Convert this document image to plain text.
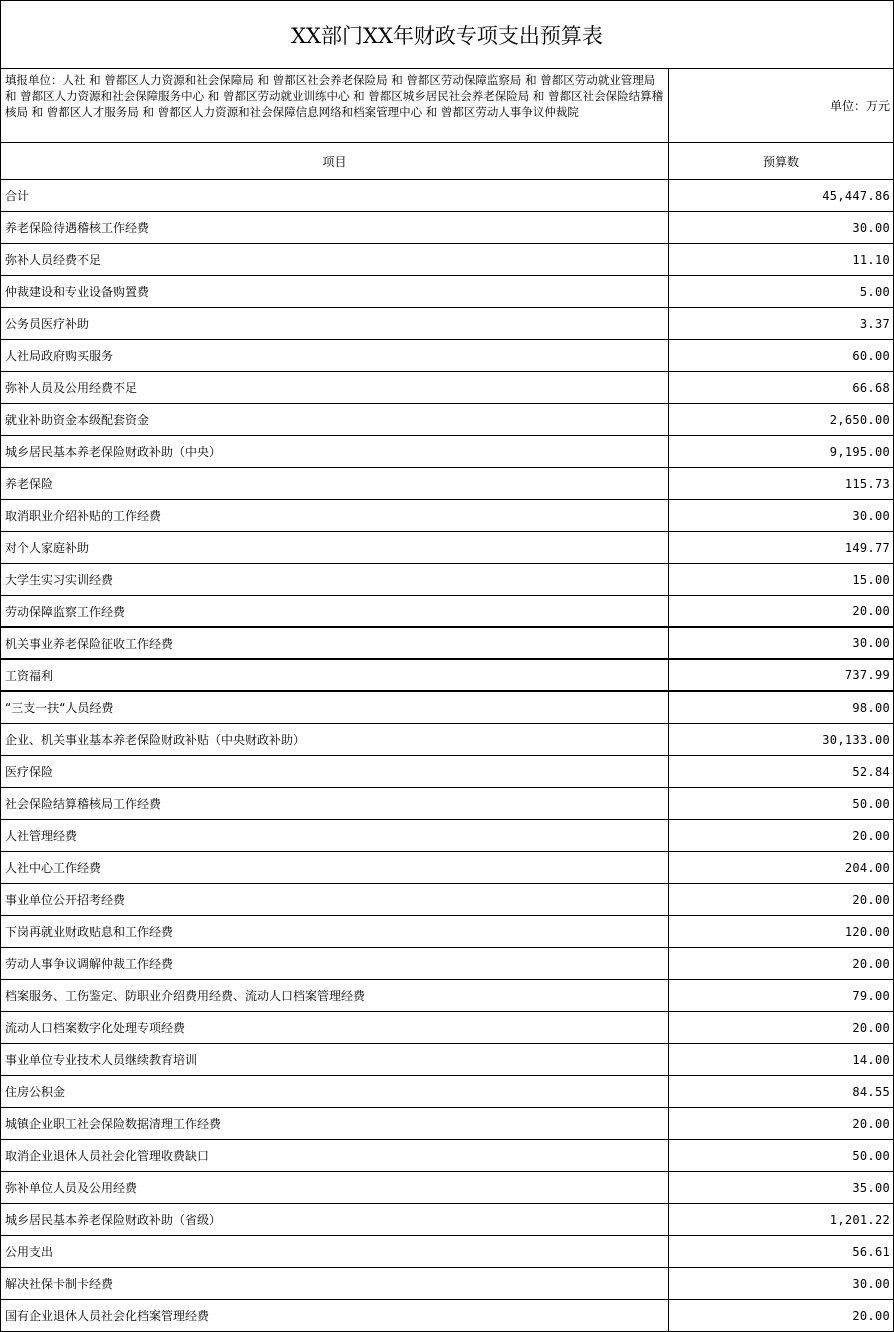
XX部门XX年财政专项支出预算表
填报单位：人社 和 曾都区人力资源和社会保障局 和 曾都区社会养老保险局 和 曾都区劳动保障监察局 和 曾都区劳动就业管理局 和 曾都区人力资源和社会保障服务中心 和 曾都区劳动就业训练中心 和 曾都区城乡居民社会养老保险局 和 曾都区社会保险结算稽核局 和 曾都区人才服务局 和 曾都区人力资源和社会保障信息网络和档案管理中心 和 曾都区劳动人事争议仲裁院	单位：万元
项目	预算数
合计	45,447.86
养老保险待遇稽核工作经费	30.00
弥补人员经费不足	11.10
仲裁建设和专业设备购置费	5.00
公务员医疗补助	3.37
人社局政府购买服务	60.00
弥补人员及公用经费不足	66.68
就业补助资金本级配套资金	2,650.00
城乡居民基本养老保险财政补助（中央）	9,195.00
养老保险	115.73
取消职业介绍补贴的工作经费	30.00
对个人家庭补助	149.77
大学生实习实训经费	15.00
劳动保障监察工作经费	20.00
机关事业养老保险征收工作经费	30.00
工资福利	737.99
“三支一扶“人员经费	98.00
企业、机关事业基本养老保险财政补贴（中央财政补助）	30,133.00
医疗保险	52.84
社会保险结算稽核局工作经费	50.00
人社管理经费	20.00
人社中心工作经费	204.00
事业单位公开招考经费	20.00
下岗再就业财政贴息和工作经费	120.00
劳动人事争议调解仲裁工作经费	20.00
档案服务、工伤鉴定、防职业介绍费用经费、流动人口档案管理经费	79.00
流动人口档案数字化处理专项经费	20.00
事业单位专业技术人员继续教育培训	14.00
住房公积金	84.55
城镇企业职工社会保险数据清理工作经费	20.00
取消企业退休人员社会化管理收费缺口	50.00
弥补单位人员及公用经费	35.00
城乡居民基本养老保险财政补助（省级）	1,201.22
公用支出	56.61
解决社保卡制卡经费	30.00
国有企业退休人员社会化档案管理经费	20.00
